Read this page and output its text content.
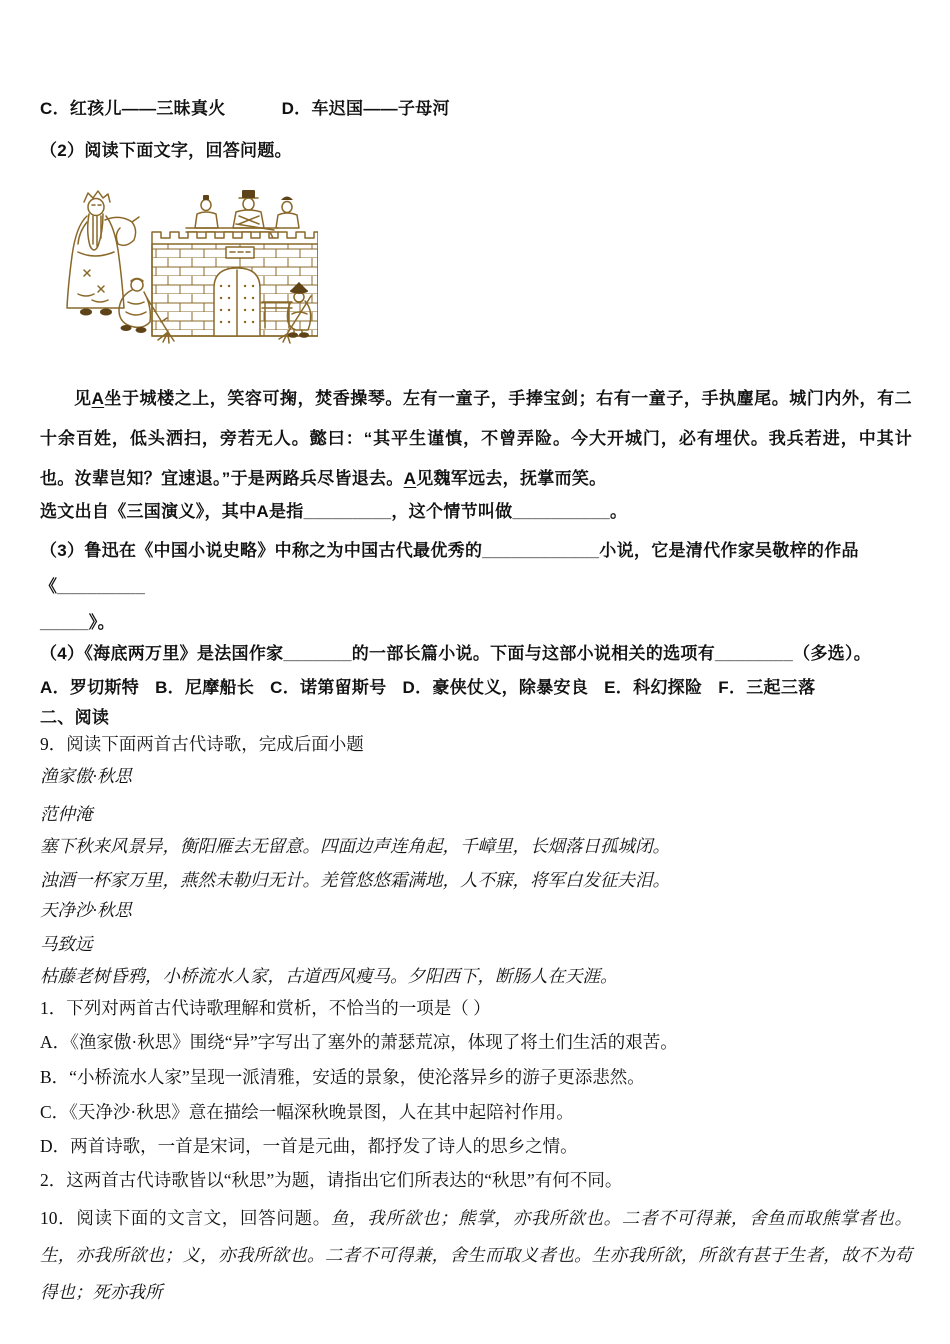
C．红孩儿——三昧真火	D．车迟国——子母河

（2）阅读下面文字，回答问题。

见A坐于城楼之上，笑容可掬，焚香操琴。左有一童子，手捧宝剑；右有一童子，手执麈尾。城门内外，有二十余百姓，低头洒扫，旁若无人。懿曰：“其平生谨慎，不曾弄险。今大开城门，必有埋伏。我兵若进，中其计也。汝辈岂知？宜速退。”于是两路兵尽皆退去。A见魏军远去，抚掌而笑。

选文出自《三国演义》，其中A是指_________，这个情节叫做__________。

（3）鲁迅在《中国小说史略》中称之为中国古代最优秀的____________小说，它是清代作家吴敬梓的作品《_________
_____》。

（4）《海底两万里》是法国作家_______的一部长篇小说。下面与这部小说相关的选项有________（多选）。

A．罗切斯特 B．尼摩船长 C．诺第留斯号 D．豪侠仗义，除暴安良 E．科幻探险 F．三起三落

二、阅读

9．阅读下面两首古代诗歌，完成后面小题

渔家傲·秋思

范仲淹

塞下秋来风景异，衡阳雁去无留意。四面边声连角起，千嶂里，长烟落日孤城闭。

浊酒一杯家万里，燕然未勒归无计。羌管悠悠霜满地，人不寐，将军白发征夫泪。

天净沙·秋思

马致远

枯藤老树昏鸦，小桥流水人家，古道西风瘦马。夕阳西下，断肠人在天涯。

1．下列对两首古代诗歌理解和赏析，不恰当的一项是（ ）

A．《渔家傲·秋思》围绕“异”字写出了塞外的萧瑟荒凉，体现了将土们生活的艰苦。

B．“小桥流水人家”呈现一派清雅，安适的景象，使沦落异乡的游子更添悲然。

C．《天净沙·秋思》意在描绘一幅深秋晚景图，人在其中起陪衬作用。

D．两首诗歌，一首是宋词，一首是元曲，都抒发了诗人的思乡之情。

2．这两首古代诗歌皆以“秋思”为题，请指出它们所表达的“秋思”有何不同。

10．阅读下面的文言文，回答问题。鱼，我所欲也；熊掌，亦我所欲也。二者不可得兼，舍鱼而取熊掌者也。生，亦我所欲也；义，亦我所欲也。二者不可得兼，舍生而取义者也。生亦我所欲，所欲有甚于生者，故不为苟得也；死亦我所
